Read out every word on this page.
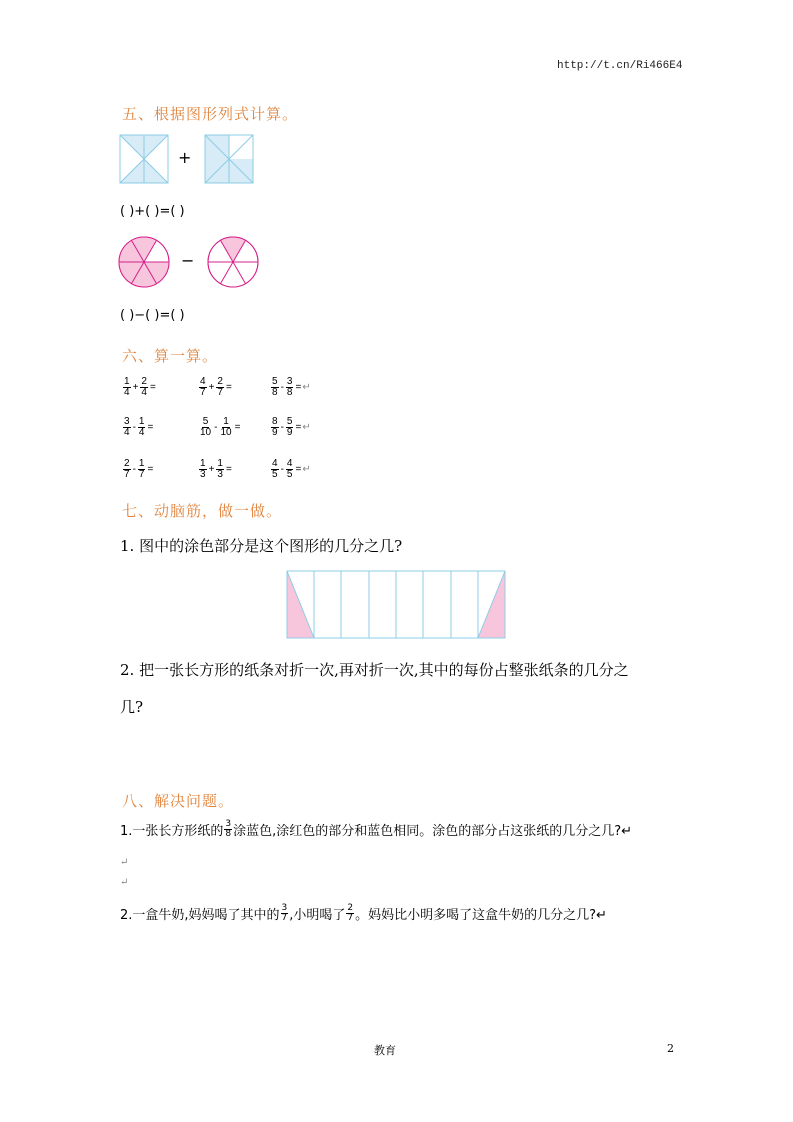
http://t.cn/Ri466E4
五、根据图形列式计算。
+
( )+( )=( )
−
( )−( )=( )
六、算一算。
$\frac{1}{4} + \frac{2}{4}$ =	$\frac{4}{7} + \frac{2}{7}$ =	$\frac{5}{8} - \frac{3}{8}$ = ↵
$\frac{3}{4} - \frac{1}{4}$ =	$\frac{5}{10} - \frac{1}{10}$ =	$\frac{8}{9} - \frac{5}{9}$ = ↵
$\frac{2}{7} - \frac{1}{7}$ =	$\frac{1}{3} + \frac{1}{3}$ =	$\frac{4}{5} - \frac{4}{5}$ = ↵
七、动脑筋，做一做。
1. 图中的涂色部分是这个图形的几分之几?
2. 把一张长方形的纸条对折一次,再对折一次,其中的每份占整张纸条的几分之
几?
八、解决问题。
1.一张长方形纸的 $\frac{3}{8}$ 涂蓝色,涂红色的部分和蓝色相同。涂色的部分占这张纸的几分之几?↵
↵
↵
2.一盒牛奶,妈妈喝了其中的 $\frac{3}{7}$ ,小明喝了 $\frac{2}{7}$ 。妈妈比小明多喝了这盒牛奶的几分之几?↵
教育	2
